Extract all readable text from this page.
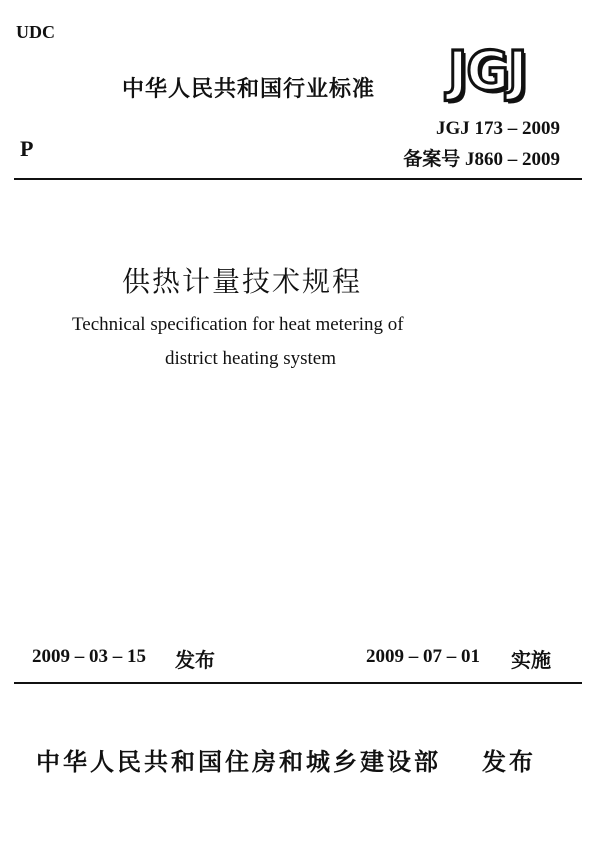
UDC
中华人民共和国行业标准 JGJ
P
JGJ 173 – 2009
备案号 J860 – 2009
供热计量技术规程
Technical specification for heat metering of
district heating system
2009 – 03 – 15 发布	2009 – 07 – 01 实施
中华人民共和国住房和城乡建设部 发布
